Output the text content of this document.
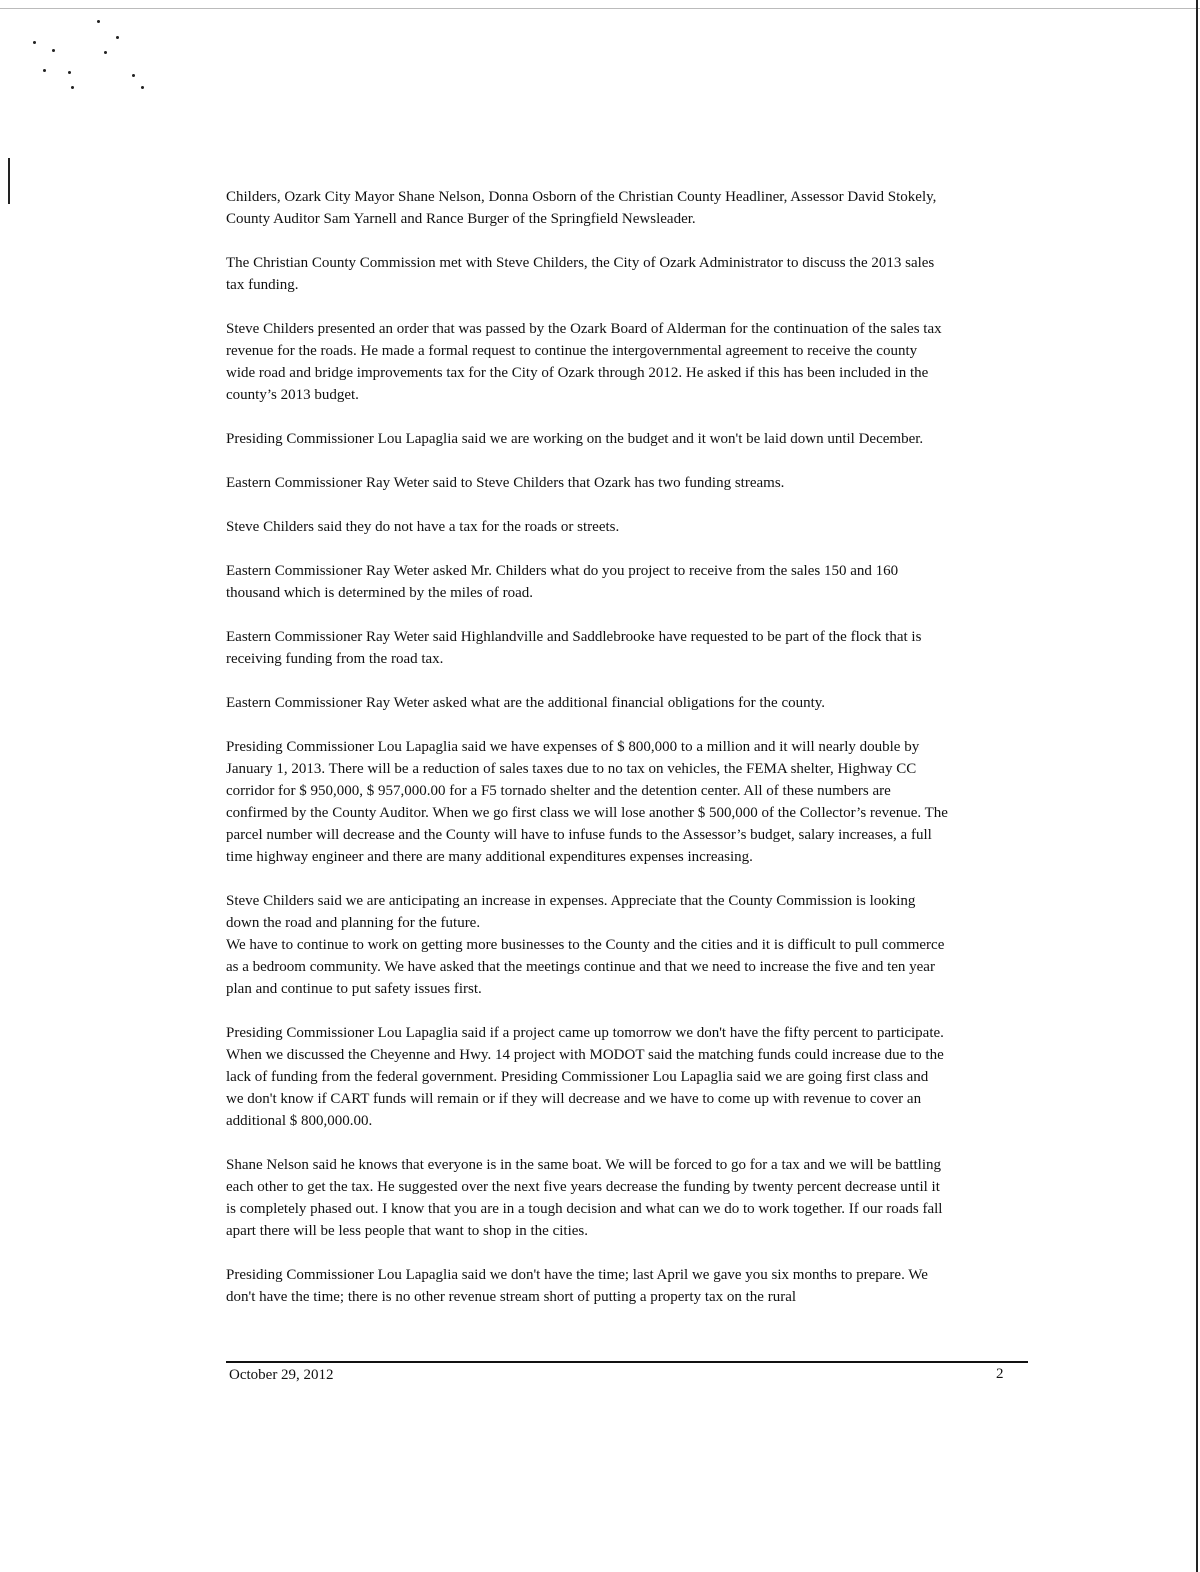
Childers, Ozark City Mayor Shane Nelson, Donna Osborn of the Christian County Headliner, Assessor David Stokely, County Auditor Sam Yarnell and Rance Burger of the Springfield Newsleader.

The Christian County Commission met with Steve Childers, the City of Ozark Administrator to discuss the 2013 sales tax funding.

Steve Childers presented an order that was passed by the Ozark Board of Alderman for the continuation of the sales tax revenue for the roads. He made a formal request to continue the intergovernmental agreement to receive the county wide road and bridge improvements tax for the City of Ozark through 2012. He asked if this has been included in the county’s 2013 budget.

Presiding Commissioner Lou Lapaglia said we are working on the budget and it won't be laid down until December.

Eastern Commissioner Ray Weter said to Steve Childers that Ozark has two funding streams.

Steve Childers said they do not have a tax for the roads or streets.

Eastern Commissioner Ray Weter asked Mr. Childers what do you project to receive from the sales 150 and 160 thousand which is determined by the miles of road.

Eastern Commissioner Ray Weter said Highlandville and Saddlebrooke have requested to be part of the flock that is receiving funding from the road tax.

Eastern Commissioner Ray Weter asked what are the additional financial obligations for the county.

Presiding Commissioner Lou Lapaglia said we have expenses of $ 800,000 to a million and it will nearly double by January 1, 2013. There will be a reduction of sales taxes due to no tax on vehicles, the FEMA shelter, Highway CC corridor for $ 950,000, $ 957,000.00 for a F5 tornado shelter and the detention center. All of these numbers are confirmed by the County Auditor. When we go first class we will lose another $ 500,000 of the Collector’s revenue. The parcel number will decrease and the County will have to infuse funds to the Assessor’s budget, salary increases, a full time highway engineer and there are many additional expenditures expenses increasing.

Steve Childers said we are anticipating an increase in expenses. Appreciate that the County Commission is looking down the road and planning for the future.

We have to continue to work on getting more businesses to the County and the cities and it is difficult to pull commerce as a bedroom community. We have asked that the meetings continue and that we need to increase the five and ten year plan and continue to put safety issues first.

Presiding Commissioner Lou Lapaglia said if a project came up tomorrow we don't have the fifty percent to participate. When we discussed the Cheyenne and Hwy. 14 project with MODOT said the matching funds could increase due to the lack of funding from the federal government. Presiding Commissioner Lou Lapaglia said we are going first class and we don't know if CART funds will remain or if they will decrease and we have to come up with revenue to cover an additional $ 800,000.00.

Shane Nelson said he knows that everyone is in the same boat. We will be forced to go for a tax and we will be battling each other to get the tax. He suggested over the next five years decrease the funding by twenty percent decrease until it is completely phased out. I know that you are in a tough decision and what can we do to work together. If our roads fall apart there will be less people that want to shop in the cities.

Presiding Commissioner Lou Lapaglia said we don't have the time; last April we gave you six months to prepare. We don't have the time; there is no other revenue stream short of putting a property tax on the rural

October 29, 2012	2
